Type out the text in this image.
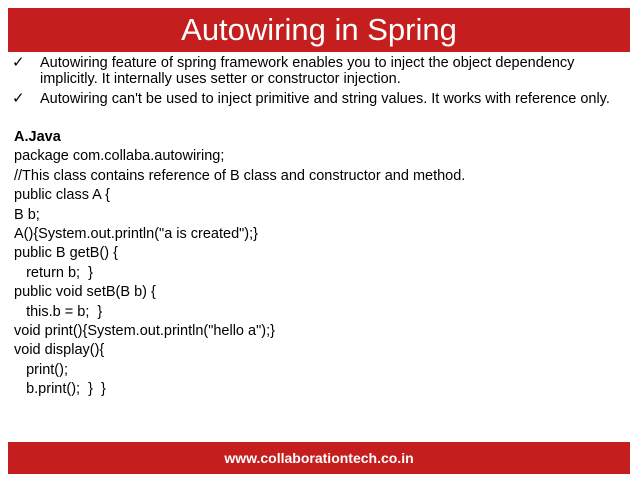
Autowiring in Spring
✓ Autowiring feature of spring framework enables you to inject the object dependency implicitly. It internally uses setter or constructor injection.
✓ Autowiring can't be used to inject primitive and string values. It works with reference only.
A.Java
package com.collaba.autowiring;
//This class contains reference of B class and constructor and method.
public class A {
B b;
A(){System.out.println("a is created");}
public B getB() {
return b;  }
public void setB(B b) {
this.b = b;  }
void print(){System.out.println("hello a");}
void display(){
print();
b.print();  }  }
www.collaborationtech.co.in
